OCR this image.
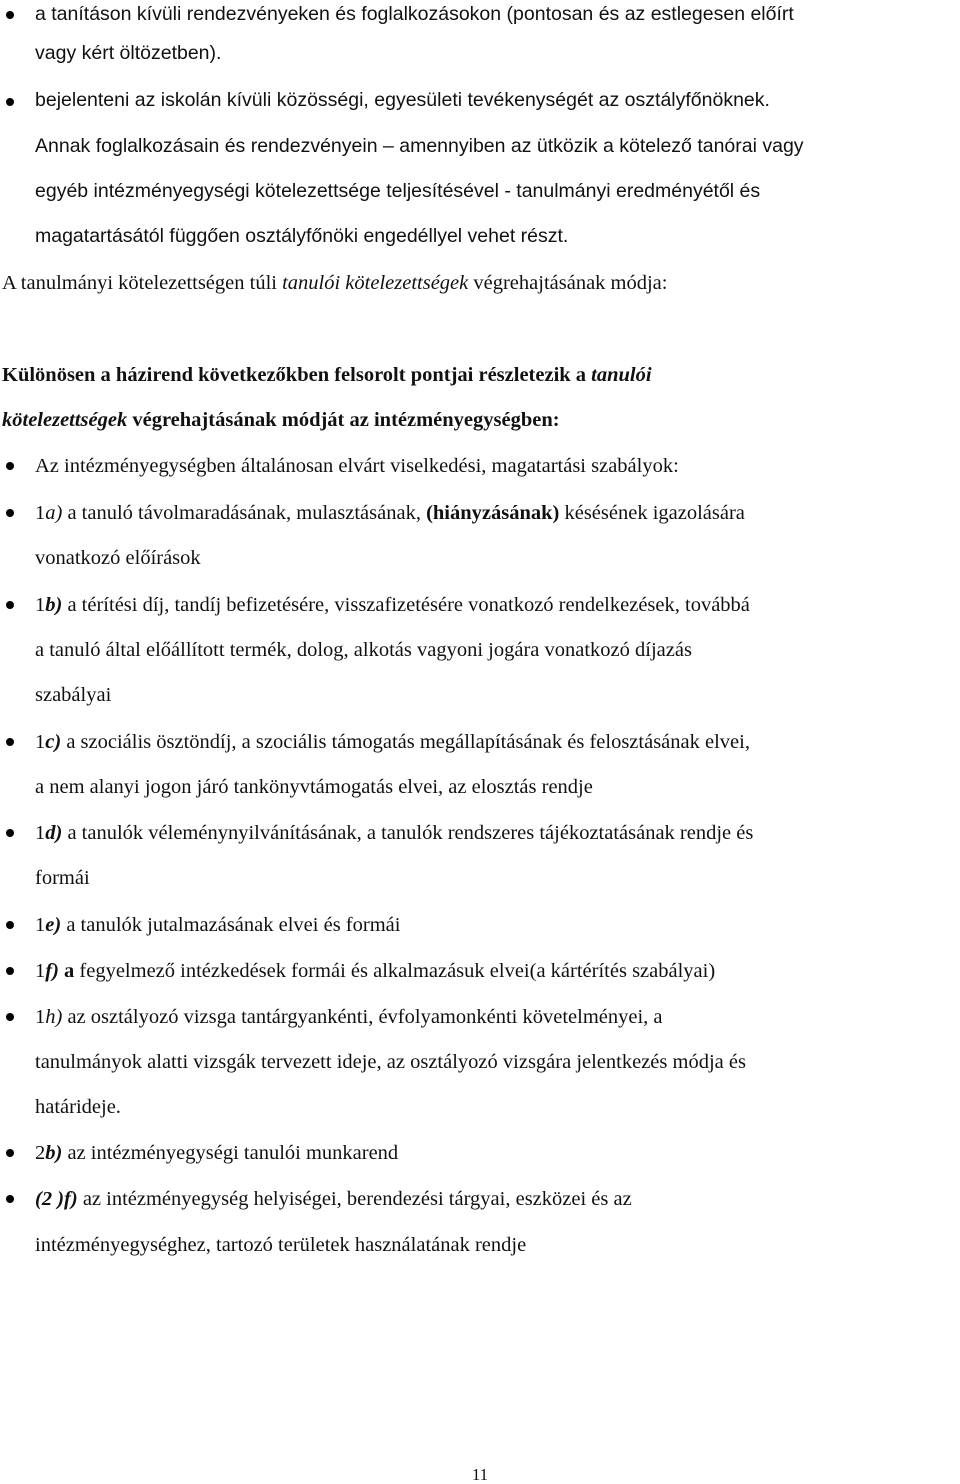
a tanításon kívüli rendezvényeken és foglalkozásokon (pontosan és az estlegesen előírt
vagy kért öltözetben).
bejelenteni az iskolán kívüli közösségi, egyesületi tevékenységét az osztályfőnöknek.
Annak foglalkozásain és rendezvényein – amennyiben az ütközik a kötelező tanórai vagy
egyéb intézményegységi kötelezettsége teljesítésével - tanulmányi eredményétől és
magatartásától függően osztályfőnöki engedéllyel vehet részt.
A tanulmányi kötelezettségen túli tanulói kötelezettségek végrehajtásának módja:
Különösen a házirend következőkben felsorolt pontjai részletezik a tanulói
kötelezettségek végrehajtásának módját az intézményegységben:
Az intézményegységben általánosan elvárt viselkedési, magatartási szabályok:
1a) a tanuló távolmaradásának, mulasztásának, (hiányzásának) késésének igazolására
vonatkozó előírások
1b) a térítési díj, tandíj befizetésére, visszafizetésére vonatkozó rendelkezések, továbbá
a tanuló által előállított termék, dolog, alkotás vagyoni jogára vonatkozó díjazás
szabályai
1c) a szociális ösztöndíj, a szociális támogatás megállapításának és felosztásának elvei,
a nem alanyi jogon járó tankönyvtámogatás elvei, az elosztás rendje
1d) a tanulók véleménynyilvánításának, a tanulók rendszeres tájékoztatásának rendje és
formái
1e) a tanulók jutalmazásának elvei és formái
1f) a fegyelmező intézkedések formái és alkalmazásuk elvei(a kártérítés szabályai)
1h) az osztályozó vizsga tantárgyankénti, évfolyamonkénti követelményei, a
tanulmányok alatti vizsgák tervezett ideje, az osztályozó vizsgára jelentkezés módja és
határideje.
2b) az intézményegységi tanulói munkarend
(2 )f) az intézményegység helyiségei, berendezési tárgyai, eszközei és az
intézményegységhez, tartozó területek használatának rendje
11
